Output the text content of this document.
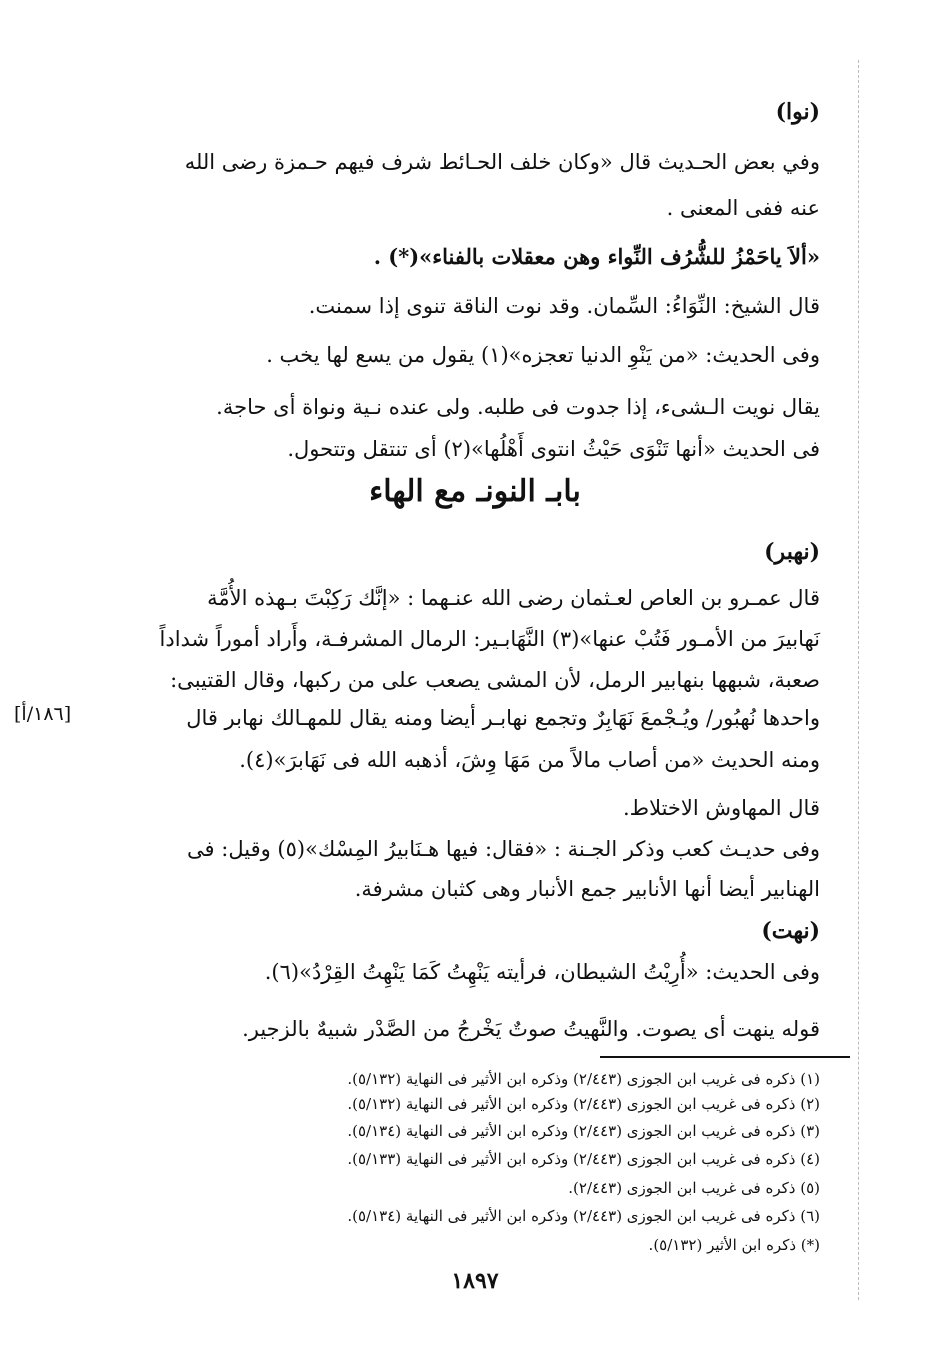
(نوا)
وفي بعض الحـديث قال «وكان خلف الحـائط شرف فيهم حـمزة رضى الله
عنه ففى المعنى .
«ألاَ ياحَمْزُ للشُّرُف النِّواء وهن معقلات بالفناء»(*) .
قال الشيخ: النِّوَاءُ: السِّمان. وقد نوت الناقة تنوى إذا سمنت.
وفى الحديث: «من يَنْوِ الدنيا تعجزه»(١) يقول من يسع لها يخب .
يقال نويت الـشىء، إذا جدوت فى طلبه. ولى عنده نـية ونواة أى حاجة.
فى الحديث «أنها تَنْوَى حَيْثُ انتوى أَهْلُها»(٢) أى تنتقل وتتحول.
بابـ النونـ مع الهاء
(نهبر)
قال عمـرو بن العاص لعـثمان رضى الله عنـهما : «إنَّك رَكِبْتَ بـهذه الأُمَّة
نَهابيرَ من الأمـور فَتُبْ عنها»(٣) النَّهَابـير: الرمال المشرفـة، وأَراد أموراً شداداً
صعبة، شبهها بنهابير الرمل، لأن المشى يصعب على من ركبها، وقال القتيبى:
واحدها نُهبُور/ ويُـجْمعَ نَهَابِرٌ وتجمع نهابـر أيضا ومنه يقال للمهـالك نهابر قال
ومنه الحديث «من أصاب مالاً من مَهَا وِشَ، أذهبه الله فى نَهَابرَ»(٤).
قال المهاوش الاختلاط.
وفى حديـث كعب وذكر الجـنة : «فقال: فيها هـنَابيرُ المِسْك»(٥) وقيل: فى
الهنابير أيضا أنها الأنابير جمع الأنبار وهى كثبان مشرفة.
(نهت)
وفى الحديث: «أُرِيْتُ الشيطان، فرأيته يَنْهِتُ كَمَا يَنْهِتُ القِرْدُ»(٦).
قوله ينهت أى يصوت. والنَّهيتُ صوتٌ يَخْرجُ من الصَّدْر شبيهٌ بالزجير.
[١٨٦/أ]
(١) ذكره فى غريب ابن الجوزى (٢/٤٤٣) وذكره ابن الأثير فى النهاية (٥/١٣٢).
(٢) ذكره فى غريب ابن الجوزى (٢/٤٤٣) وذكره ابن الأثير فى النهاية (٥/١٣٢).
(٣) ذكره فى غريب ابن الجوزى (٢/٤٤٣) وذكره ابن الأثير فى النهاية (٥/١٣٤).
(٤) ذكره فى غريب ابن الجوزى (٢/٤٤٣) وذكره ابن الأثير فى النهاية (٥/١٣٣).
(٥) ذكره فى غريب ابن الجوزى (٢/٤٤٣).
(٦) ذكره فى غريب ابن الجوزى (٢/٤٤٣) وذكره ابن الأثير فى النهاية (٥/١٣٤).
(*) ذكره ابن الأثير (٥/١٣٢).
١٨٩٧
